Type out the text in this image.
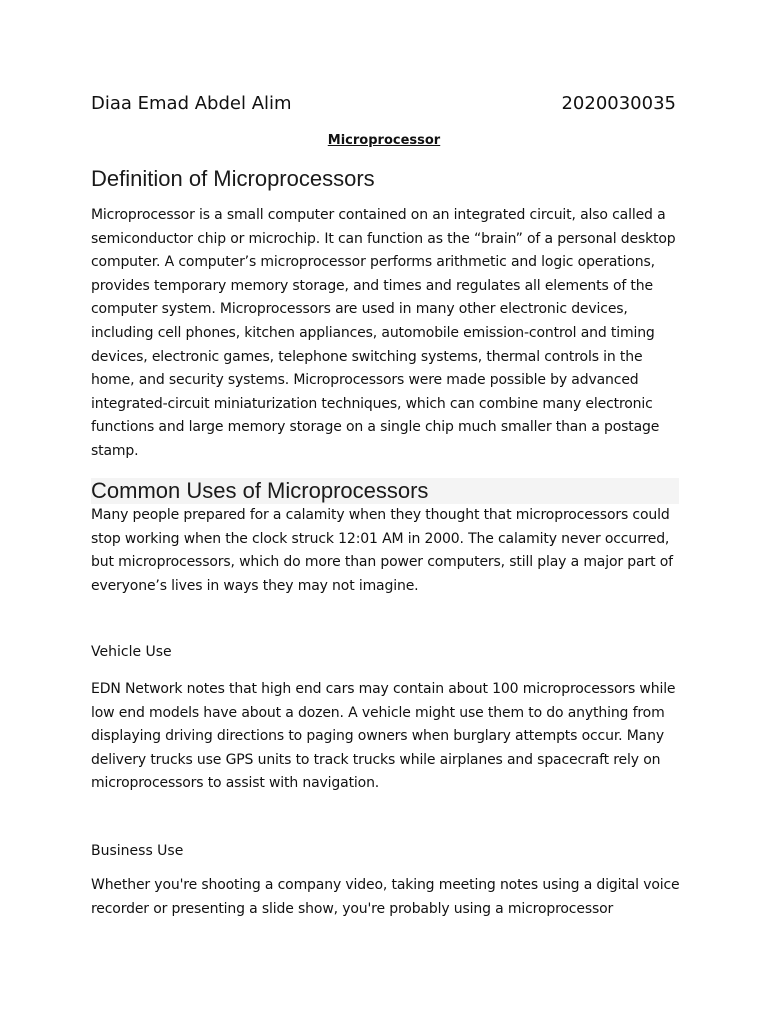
Diaa Emad Abdel Alim	2020030035
Microprocessor
Definition of Microprocessors

Microprocessor is a small computer contained on an integrated circuit, also called a semiconductor chip or microchip. It can function as the “brain” of a personal desktop computer. A computer’s microprocessor performs arithmetic and logic operations, provides temporary memory storage, and times and regulates all elements of the computer system. Microprocessors are used in many other electronic devices, including cell phones, kitchen appliances, automobile emission-control and timing devices, electronic games, telephone switching systems, thermal controls in the home, and security systems. Microprocessors were made possible by advanced integrated-circuit miniaturization techniques, which can combine many electronic functions and large memory storage on a single chip much smaller than a postage stamp.

Common Uses of Microprocessors

Many people prepared for a calamity when they thought that microprocessors could stop working when the clock struck 12:01 AM in 2000. The calamity never occurred, but microprocessors, which do more than power computers, still play a major part of everyone’s lives in ways they may not imagine.

Vehicle Use

EDN Network notes that high end cars may contain about 100 microprocessors while low end models have about a dozen. A vehicle might use them to do anything from displaying driving directions to paging owners when burglary attempts occur. Many delivery trucks use GPS units to track trucks while airplanes and spacecraft rely on microprocessors to assist with navigation.

Business Use

Whether you're shooting a company video, taking meeting notes using a digital voice recorder or presenting a slide show, you're probably using a microprocessor
